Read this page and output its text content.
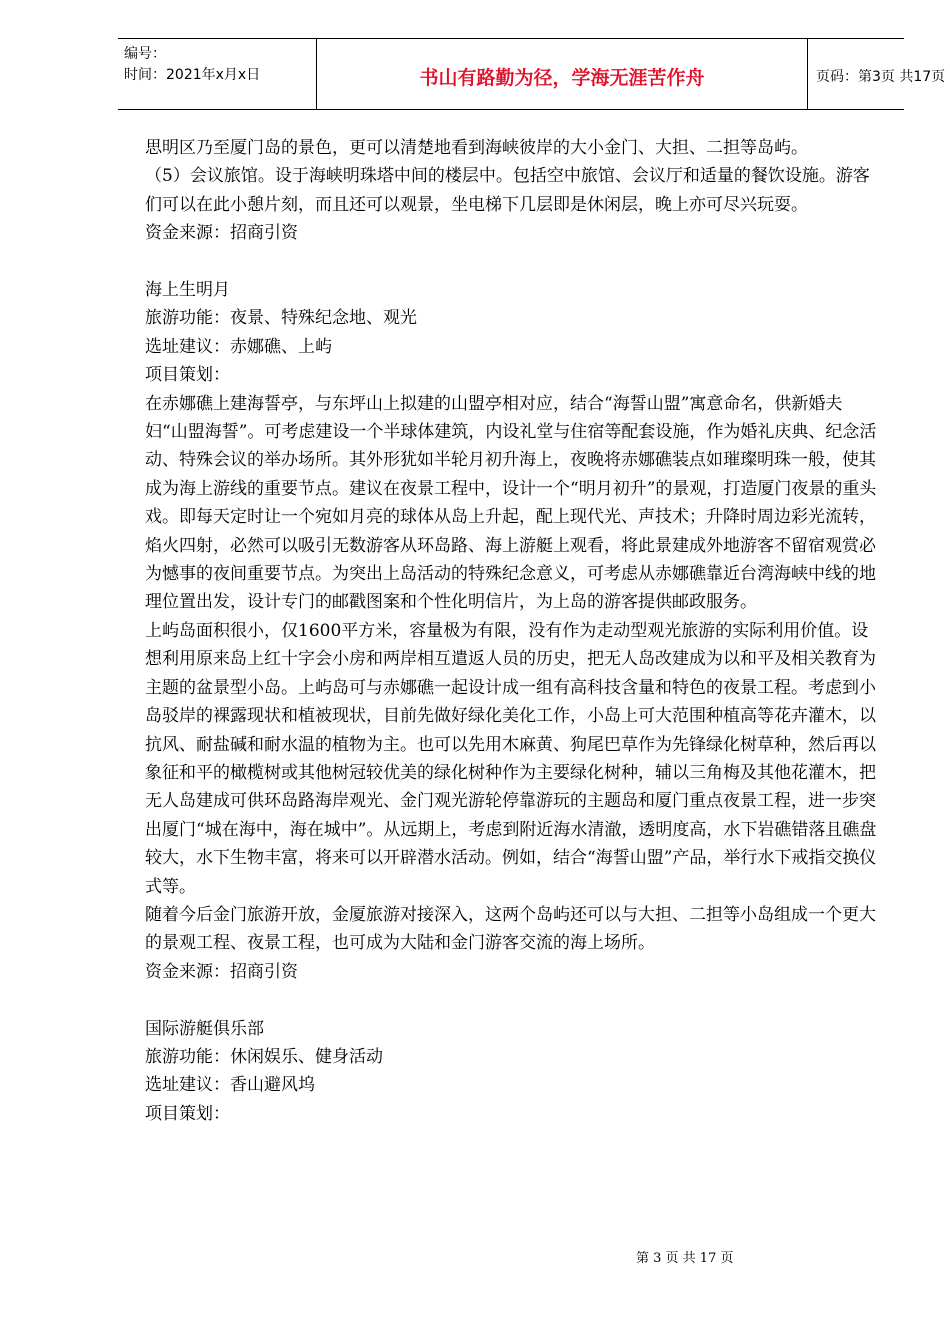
编号：
时间：2021年x月x日	书山有路勤为径，学海无涯苦作舟	页码：第3页 共17页

思明区乃至厦门岛的景色，更可以清楚地看到海峡彼岸的大小金门、大担、二担等岛屿。

（5）会议旅馆。设于海峡明珠塔中间的楼层中。包括空中旅馆、会议厅和适量的餐饮设施。游客们可以在此小憩片刻，而且还可以观景，坐电梯下几层即是休闲层，晚上亦可尽兴玩耍。

资金来源：招商引资

海上生明月

旅游功能：夜景、特殊纪念地、观光

选址建议：赤娜礁、上屿

项目策划：

在赤娜礁上建海誓亭，与东坪山上拟建的山盟亭相对应，结合“海誓山盟”寓意命名，供新婚夫妇“山盟海誓”。可考虑建设一个半球体建筑，内设礼堂与住宿等配套设施，作为婚礼庆典、纪念活动、特殊会议的举办场所。其外形犹如半轮月初升海上，夜晚将赤娜礁装点如璀璨明珠一般，使其成为海上游线的重要节点。建议在夜景工程中，设计一个“明月初升”的景观，打造厦门夜景的重头戏。即每天定时让一个宛如月亮的球体从岛上升起，配上现代光、声技术；升降时周边彩光流转，焰火四射，必然可以吸引无数游客从环岛路、海上游艇上观看，将此景建成外地游客不留宿观赏必为憾事的夜间重要节点。为突出上岛活动的特殊纪念意义，可考虑从赤娜礁靠近台湾海峡中线的地理位置出发，设计专门的邮戳图案和个性化明信片，为上岛的游客提供邮政服务。

上屿岛面积很小，仅1600平方米，容量极为有限，没有作为走动型观光旅游的实际利用价值。设想利用原来岛上红十字会小房和两岸相互遣返人员的历史，把无人岛改建成为以和平及相关教育为主题的盆景型小岛。上屿岛可与赤娜礁一起设计成一组有高科技含量和特色的夜景工程。考虑到小岛驳岸的裸露现状和植被现状，目前先做好绿化美化工作，小岛上可大范围种植高等花卉灌木，以抗风、耐盐碱和耐水温的植物为主。也可以先用木麻黄、狗尾巴草作为先锋绿化树草种，然后再以象征和平的橄榄树或其他树冠较优美的绿化树种作为主要绿化树种，辅以三角梅及其他花灌木，把无人岛建成可供环岛路海岸观光、金门观光游轮停靠游玩的主题岛和厦门重点夜景工程，进一步突出厦门“城在海中，海在城中”。从远期上，考虑到附近海水清澈，透明度高，水下岩礁错落且礁盘较大，水下生物丰富，将来可以开辟潜水活动。例如，结合“海誓山盟”产品，举行水下戒指交换仪式等。

随着今后金门旅游开放，金厦旅游对接深入，这两个岛屿还可以与大担、二担等小岛组成一个更大的景观工程、夜景工程，也可成为大陆和金门游客交流的海上场所。

资金来源：招商引资

国际游艇俱乐部

旅游功能：休闲娱乐、健身活动

选址建议：香山避风坞

项目策划：

第 3 页 共 17 页
